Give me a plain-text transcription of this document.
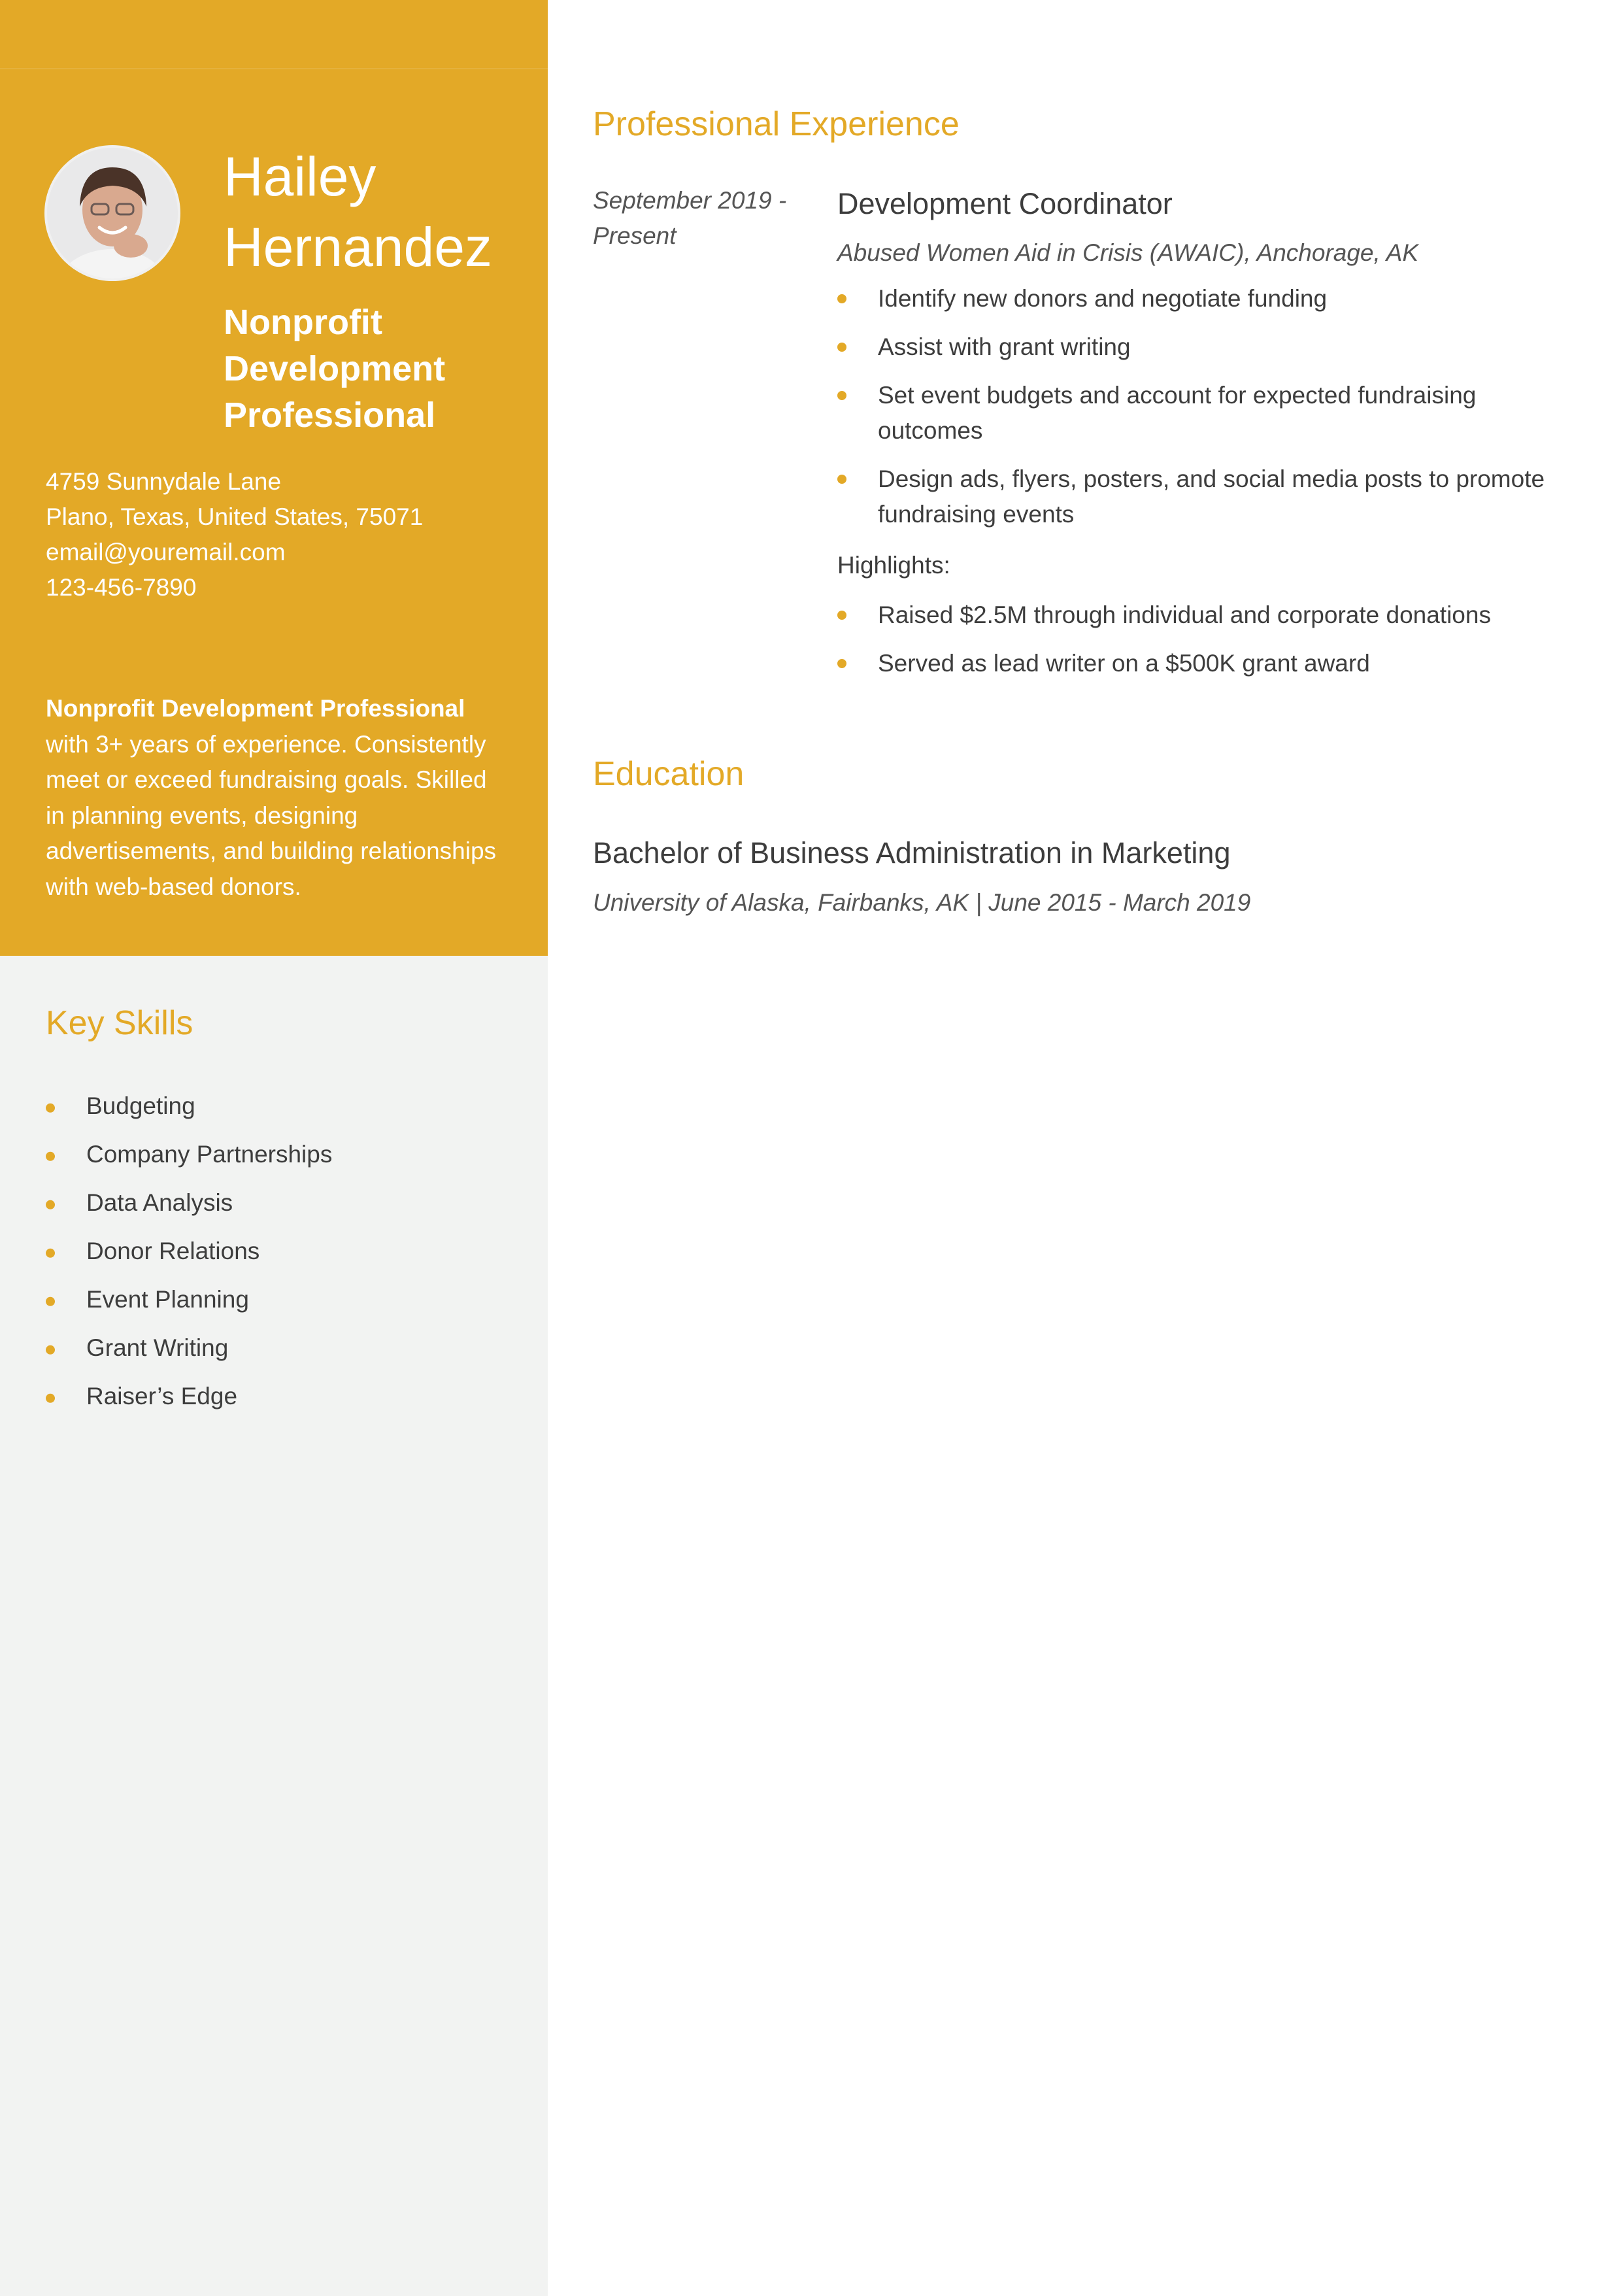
Hailey
Hernandez
Nonprofit
Development
Professional
4759 Sunnydale Lane
Plano, Texas, United States, 75071
email@youremail.com
123-456-7890
Nonprofit Development Professional with 3+ years of experience. Consistently meet or exceed fundraising goals. Skilled in planning events, designing advertisements, and building relationships with web-based donors.
Key Skills
Budgeting
Company Partnerships
Data Analysis
Donor Relations
Event Planning
Grant Writing
Raiser’s Edge
Professional Experience
September 2019 -
Present
Development Coordinator
Abused Women Aid in Crisis (AWAIC), Anchorage, AK
Identify new donors and negotiate funding
Assist with grant writing
Set event budgets and account for expected fundraising outcomes
Design ads, flyers, posters, and social media posts to promote fundraising events
Highlights:
Raised $2.5M through individual and corporate donations
Served as lead writer on a $500K grant award
Education
Bachelor of Business Administration in Marketing
University of Alaska, Fairbanks, AK | June 2015 - March 2019
